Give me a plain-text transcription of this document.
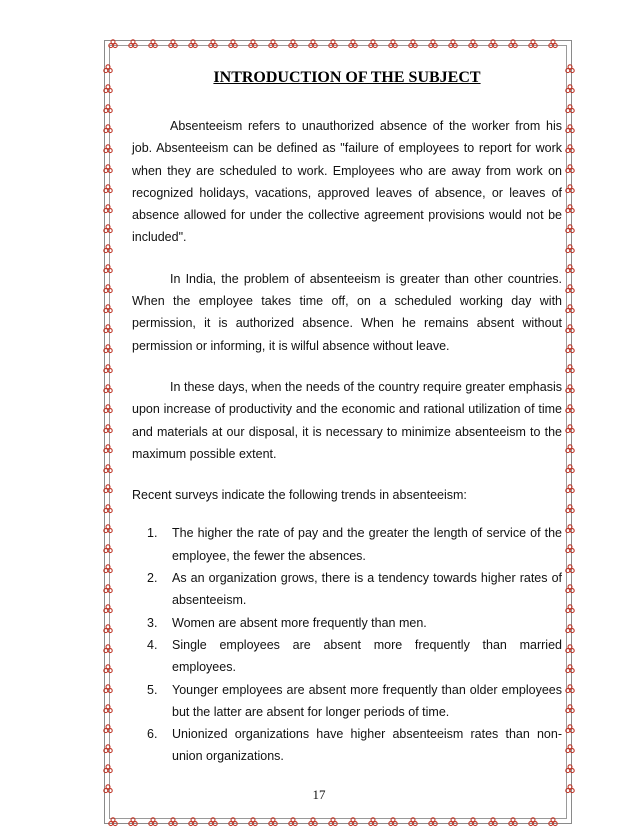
INTRODUCTION OF THE SUBJECT

Absenteeism refers to unauthorized absence of the worker from his job. Absenteeism can be defined as "failure of employees to report for work when they are scheduled to work. Employees who are away from work on recognized holidays, vacations, approved leaves of absence, or leaves of absence allowed for under the collective agreement provisions would not be included".

In India, the problem of absenteeism is greater than other countries. When the employee takes time off, on a scheduled working day with permission, it is authorized absence. When he remains absent without permission or informing, it is wilful absence without leave.

In these days, when the needs of the country require greater emphasis upon increase of productivity and the economic and rational utilization of time and materials at our disposal, it is necessary to minimize absenteeism to the maximum possible extent.

Recent surveys indicate the following trends in absenteeism:

1. The higher the rate of pay and the greater the length of service of the employee, the fewer the absences.
2. As an organization grows, there is a tendency towards higher rates of absenteeism.
3. Women are absent more frequently than men.
4. Single employees are absent more frequently than married employees.
5. Younger employees are absent more frequently than older employees but the latter are absent for longer periods of time.
6. Unionized organizations have higher absenteeism rates than non-union organizations.
17
